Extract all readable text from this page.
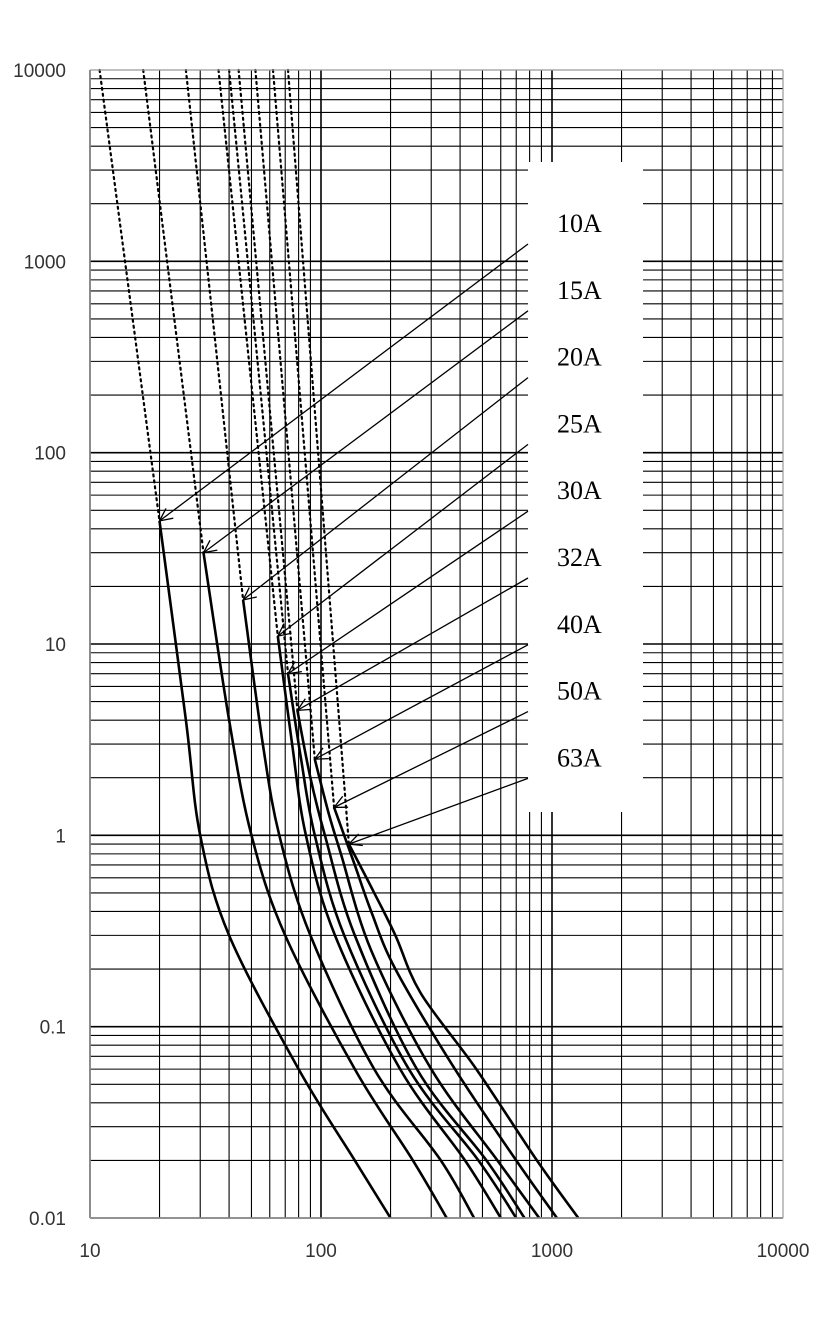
10A
15A
20A
25A
30A
32A
40A
50A
63A
10000
1000
100
10
1
0.1
0.01
10	100	1000	10000
